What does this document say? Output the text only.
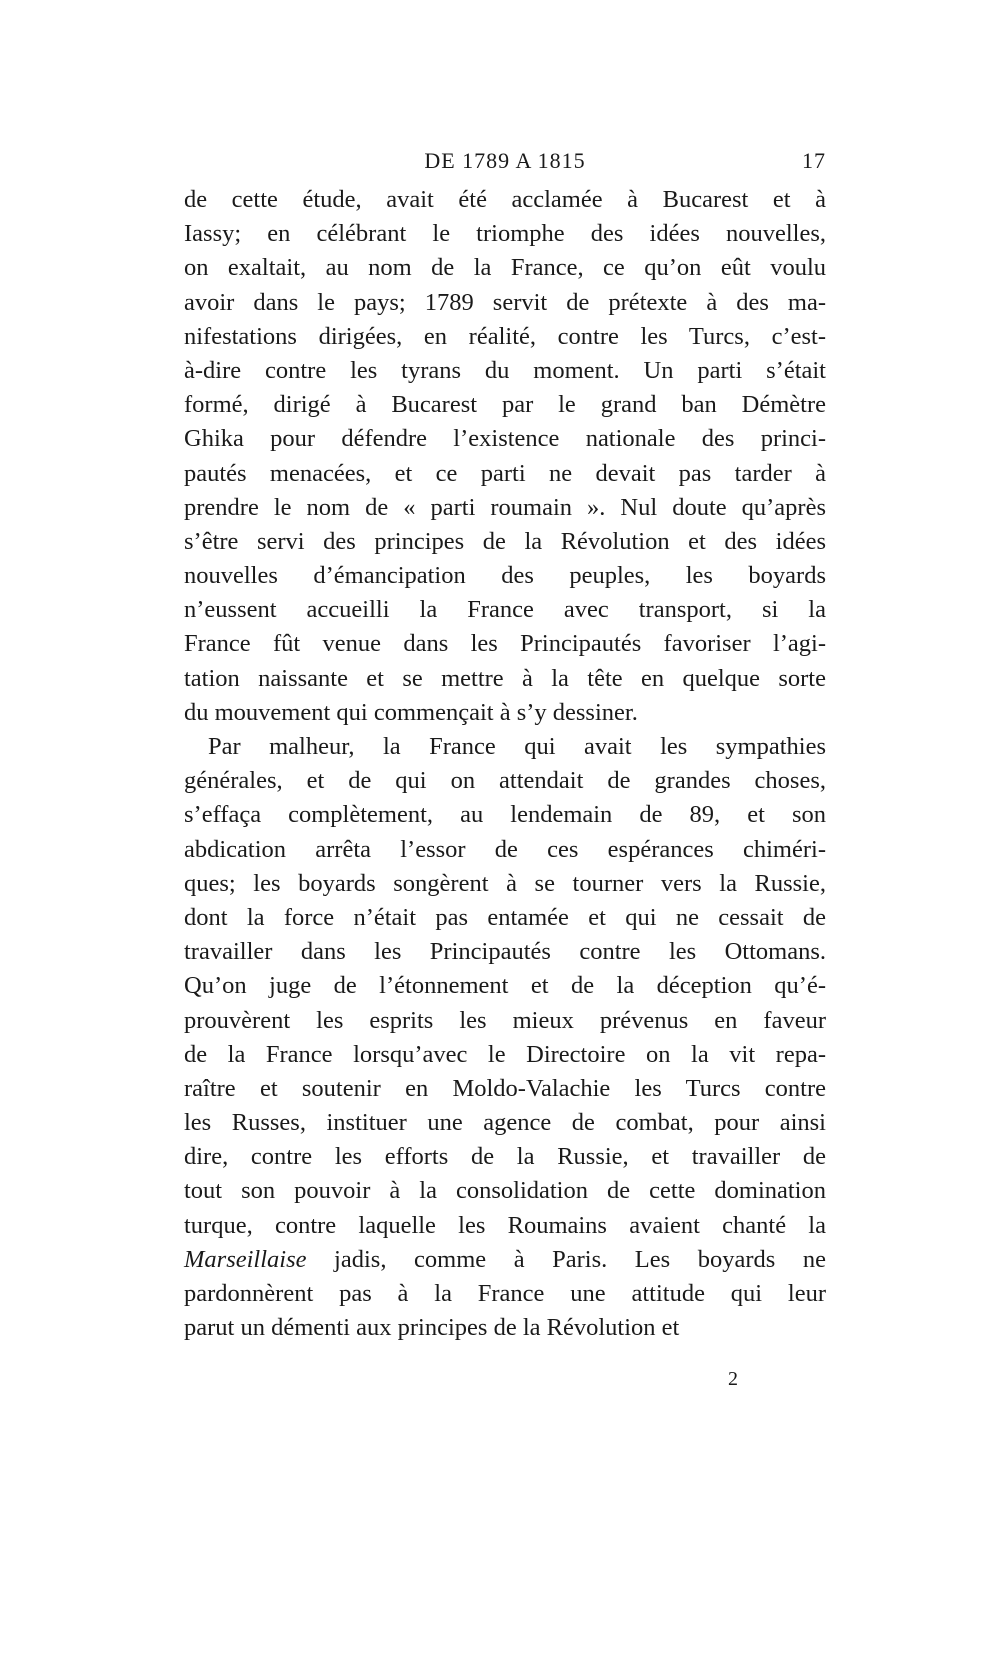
DE 1789 A 1815	17
de cette étude, avait été acclamée à Bucarest et à
Iassy; en célébrant le triomphe des idées nouvelles,
on exaltait, au nom de la France, ce qu’on eût voulu
avoir dans le pays; 1789 servit de prétexte à des ma-
nifestations dirigées, en réalité, contre les Turcs, c’est-
à-dire contre les tyrans du moment. Un parti s’était
formé, dirigé à Bucarest par le grand ban Démètre
Ghika pour défendre l’existence nationale des princi-
pautés menacées, et ce parti ne devait pas tarder à
prendre le nom de « parti roumain ». Nul doute qu’après
s’être servi des principes de la Révolution et des idées
nouvelles d’émancipation des peuples, les boyards
n’eussent accueilli la France avec transport, si la
France fût venue dans les Principautés favoriser l’agi-
tation naissante et se mettre à la tête en quelque sorte
du mouvement qui commençait à s’y dessiner.
Par malheur, la France qui avait les sympathies
générales, et de qui on attendait de grandes choses,
s’effaça complètement, au lendemain de 89, et son
abdication arrêta l’essor de ces espérances chiméri-
ques; les boyards songèrent à se tourner vers la Russie,
dont la force n’était pas entamée et qui ne cessait de
travailler dans les Principautés contre les Ottomans.
Qu’on juge de l’étonnement et de la déception qu’é-
prouvèrent les esprits les mieux prévenus en faveur
de la France lorsqu’avec le Directoire on la vit repa-
raître et soutenir en Moldo-Valachie les Turcs contre
les Russes, instituer une agence de combat, pour ainsi
dire, contre les efforts de la Russie, et travailler de
tout son pouvoir à la consolidation de cette domination
turque, contre laquelle les Roumains avaient chanté la
Marseillaise jadis, comme à Paris. Les boyards ne
pardonnèrent pas à la France une attitude qui leur
parut un démenti aux principes de la Révolution et
2
